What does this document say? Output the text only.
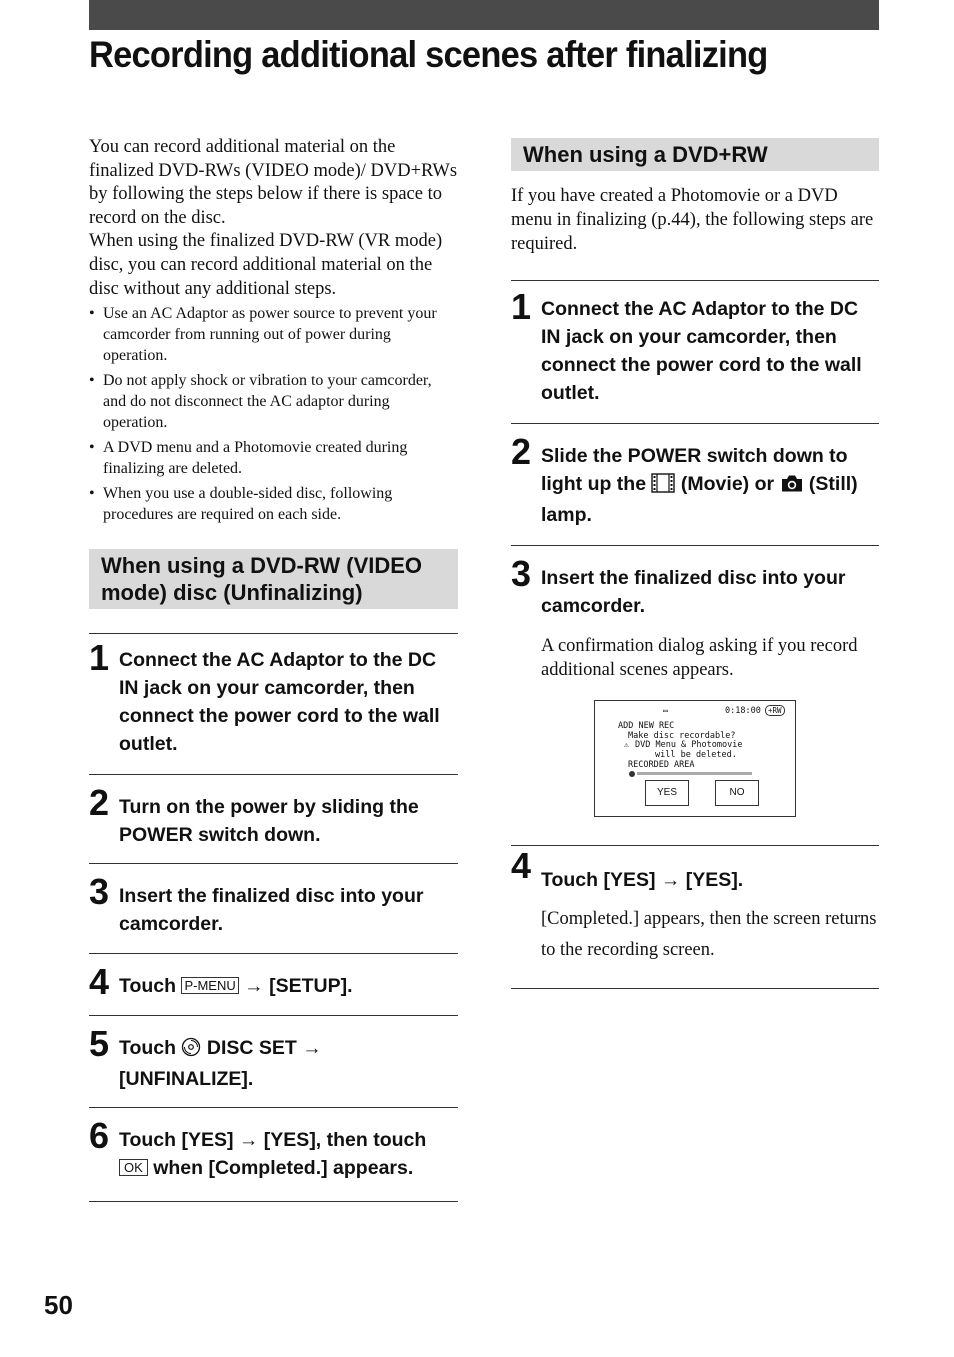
Recording additional scenes after finalizing

You can record additional material on the finalized DVD-RWs (VIDEO mode)/ DVD+RWs by following the steps below if there is space to record on the disc.

When using the finalized DVD-RW (VR mode) disc, you can record additional material on the disc without any additional steps.

• Use an AC Adaptor as power source to prevent your camcorder from running out of power during operation.
• Do not apply shock or vibration to your camcorder, and do not disconnect the AC adaptor during operation.
• A DVD menu and a Photomovie created during finalizing are deleted.
• When you use a double-sided disc, following procedures are required on each side.
When using a DVD-RW (VIDEO mode) disc (Unfinalizing)
1 Connect the AC Adaptor to the DC IN jack on your camcorder, then connect the power cord to the wall outlet.
2 Turn on the power by sliding the POWER switch down.
3 Insert the finalized disc into your camcorder.
4 Touch P-MENU → [SETUP].
5 Touch DISC SET → [UNFINALIZE].
6 Touch [YES] → [YES], then touch OK when [Completed.] appears.
When using a DVD+RW

If you have created a Photomovie or a DVD menu in finalizing (p.44), the following steps are required.

1 Connect the AC Adaptor to the DC IN jack on your camcorder, then connect the power cord to the wall outlet.
2 Slide the POWER switch down to light up the (Movie) or (Still) lamp.
3 Insert the finalized disc into your camcorder.
A confirmation dialog asking if you record additional scenes appears.
▭	0:18:00 +RW
ADD NEW REC
Make disc recordable?
⚠ DVD Menu & Photomovie
will be deleted.
RECORDED AREA
YES	NO
4 Touch [YES] → [YES].
[Completed.] appears, then the screen returns to the recording screen.
50
